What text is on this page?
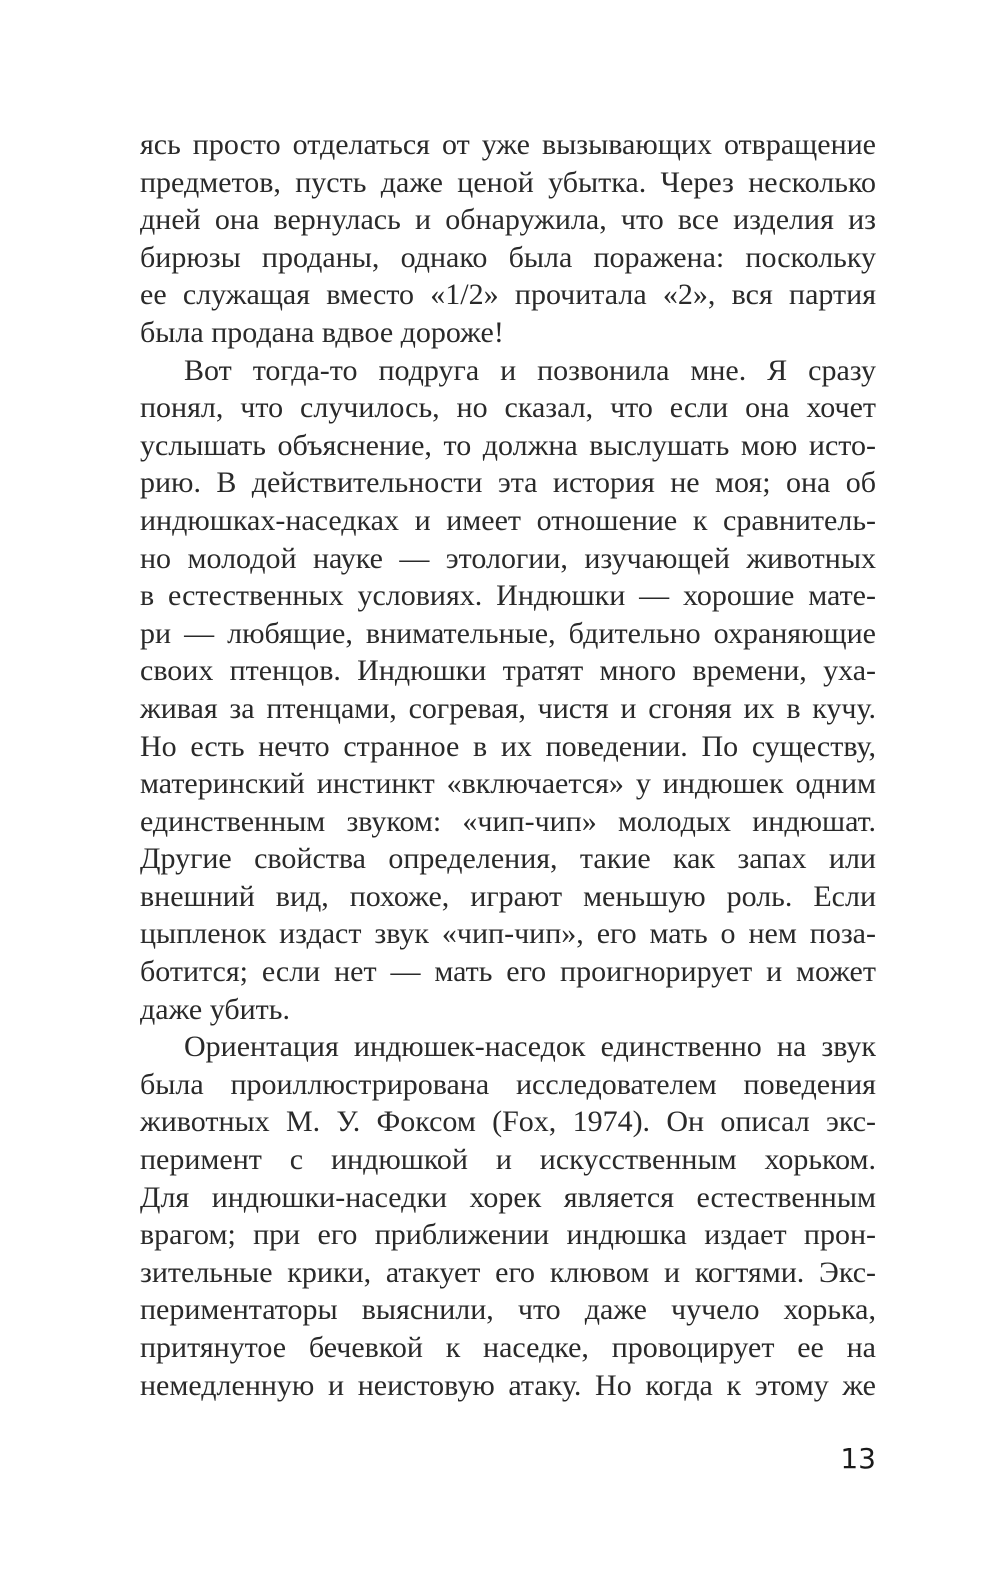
ясь просто отделаться от уже вызывающих отвращение
предметов, пусть даже ценой убытка. Через несколько
дней она вернулась и обнаружила, что все изделия из
бирюзы проданы, однако была поражена: поскольку
ее служащая вместо «1/2» прочитала «2», вся партия
была продана вдвое дороже!
Вот тогда-то подруга и позвонила мне. Я сразу
понял, что случилось, но сказал, что если она хочет
услышать объяснение, то должна выслушать мою исто-
рию. В действительности эта история не моя; она об
индюшках-наседках и имеет отношение к сравнитель-
но молодой науке — этологии, изучающей животных
в естественных условиях. Индюшки — хорошие мате-
ри — любящие, внимательные, бдительно охраняющие
своих птенцов. Индюшки тратят много времени, уха-
живая за птенцами, согревая, чистя и сгоняя их в кучу.
Но есть нечто странное в их поведении. По существу,
материнский инстинкт «включается» у индюшек одним
единственным звуком: «чип-чип» молодых индюшат.
Другие свойства определения, такие как запах или
внешний вид, похоже, играют меньшую роль. Если
цыпленок издаст звук «чип-чип», его мать о нем поза-
ботится; если нет — мать его проигнорирует и может
даже убить.
Ориентация индюшек-наседок единственно на звук
была проиллюстрирована исследователем поведения
животных М. У. Фоксом (Fox, 1974). Он описал экс-
перимент с индюшкой и искусственным хорьком.
Для индюшки-наседки хорек является естественным
врагом; при его приближении индюшка издает прон-
зительные крики, атакует его клювом и когтями. Экс-
периментаторы выяснили, что даже чучело хорька,
притянутое бечевкой к наседке, провоцирует ее на
немедленную и неистовую атаку. Но когда к этому же
13
